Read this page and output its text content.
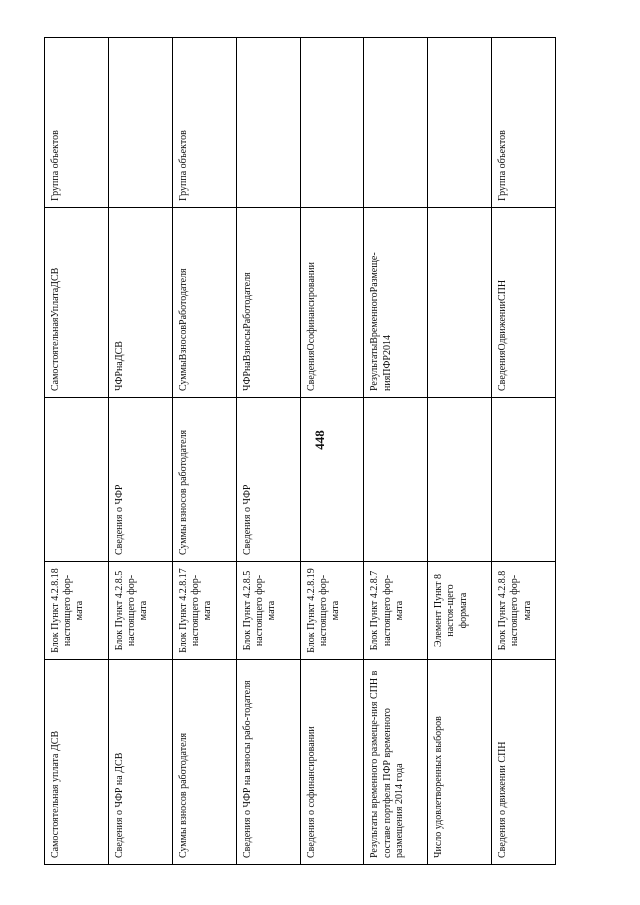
448
Самостоятельная уплата ДСВ	Блок Пункт 4.2.8.18 настоящего фор-мата		СамостоятельнаяУплатаДСВ	Группа объектов
Сведения о ЧФР на ДСВ	Блок Пункт 4.2.8.5 настоящего фор-мата	Сведения о ЧФР	ЧФРнаДСВ	
Суммы взносов работодателя	Блок Пункт 4.2.8.17 настоящего фор-мата	Суммы взносов работодателя	СуммыВзносовРаботодателя	Группа объектов
Сведения о ЧФР на взносы рабо-тодателя	Блок Пункт 4.2.8.5 настоящего фор-мата	Сведения о ЧФР	ЧФРнаВзносыРаботодателя	
Сведения о софинансировании	Блок Пункт 4.2.8.19 настоящего фор-мата		СведенияОсофинансировании	
Результаты временного размеще-ния СПН в составе портфеля ПФР временного размещения 2014 года	Блок Пункт 4.2.8.7 настоящего фор-мата		РезультатыВременногоРазмеще-нияПФР2014	
Число удовлетворенных выборов	Элемент Пункт 8 настоя-щего формата			
Сведения о движении СПН	Блок Пункт 4.2.8.8 настоящего фор-мата		СведенияОдвиженииСПН	Группа объектов
